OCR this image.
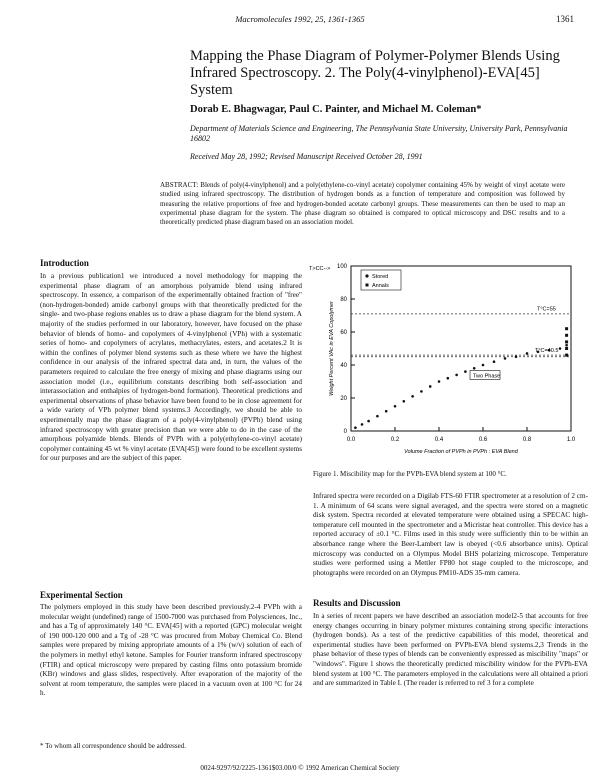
Macromolecules 1992, 25, 1361-1365	1361
Mapping the Phase Diagram of Polymer-Polymer Blends Using Infrared Spectroscopy. 2. The Poly(4-vinylphenol)-EVA[45] System
Dorab E. Bhagwagar, Paul C. Painter, and Michael M. Coleman*
Department of Materials Science and Engineering, The Pennsylvania State University, University Park, Pennsylvania 16802
Received May 28, 1992; Revised Manuscript Received October 28, 1991
ABSTRACT: Blends of poly(4-vinylphenol) and a poly(ethylene-co-vinyl acetate) copolymer containing 45% by weight of vinyl acetate were studied using infrared spectroscopy. The distribution of hydrogen bonds as a function of temperature and composition was followed by measuring the relative proportions of free and hydrogen-bonded acetate carbonyl groups. These measurements can then be used to map an experimental phase diagram for the system. The phase diagram so obtained is compared to optical microscopy and DSC results and to a theoretically predicted phase diagram based on an association model.
Introduction
In a previous publication1 we introduced a novel methodology for mapping the experimental phase diagram of an amorphous polyamide blend using infrared spectroscopy. In essence, a comparison of the experimentally obtained fraction of "free" (non-hydrogen-bonded) amide carbonyl groups with that theoretically predicted for the single- and two-phase regions enables us to draw a phase diagram for the blend system. A majority of the studies performed in our laboratory, however, have focused on the phase behavior of blends of homo- and copolymers of 4-vinylphenol (VPh) with a systematic series of homo- and copolymers of acrylates, methacrylates, esters, and acetates.2 It is within the confines of polymer blend systems such as these where we have the highest confidence in our analysis of the infrared spectral data and, in turn, the values of the parameters required to calculate the free energy of mixing and phase diagrams using our association model (i.e., equilibrium constants describing both self-association and interassociation and enthalpies of hydrogen-bond formation). Theoretical predictions and experimental observations of phase behavior have been found to be in close agreement for a wide variety of VPh polymer blend systems.3 Accordingly, we should be able to experimentally map the phase diagram of a poly(4-vinylphenol) (PVPh) blend using infrared spectroscopy with greater precision than we were able to do in the case of the amorphous polyamide blends. Blends of PVPh with a poly(ethylene-co-vinyl acetate) copolymer containing 45 wt % vinyl acetate (EVA[45]) were found to be excellent systems for our purposes and are the subject of this paper.
Experimental Section
The polymers employed in this study have been described previously.2-4 PVPh with a molecular weight (undefined) range of 1500-7000 was purchased from Polysciences, Inc., and has a Tg of approximately 140 °C. EVA[45] with a reported (GPC) molecular weight of 190 000-120 000 and a Tg of -28 °C was procured from Mobay Chemical Co. Blend samples were prepared by mixing appropriate amounts of a 1% (w/v) solution of each of the polymers in methyl ethyl ketone. Samples for Fourier transform infrared spectroscopy (FTIR) and optical microscopy were prepared by casting films onto potassium bromide (KBr) windows and glass slides, respectively. After evaporation of the majority of the solvent at room temperature, the samples were placed in a vacuum oven at 100 °C for 24 h.
* To whom all correspondence should be addressed.
0.0	0.2	0.4	0.6	0.8	1.0
0
20
40
60
80
100
Volume Fraction of PVPh in PVPh : EVA Blend
Weight Percent VAc in EVA Copolymer
Stored
Annals
T>CC-->
T°C=55
T°C=40.5
Two Phase
Figure 1. Miscibility map for the PVPh-EVA blend system at 100 °C.
Infrared spectra were recorded on a Digilab FTS-60 FTIR spectrometer at a resolution of 2 cm-1. A minimum of 64 scans were signal averaged, and the spectra were stored on a magnetic disk system. Spectra recorded at elevated temperature were obtained using a SPECAC high-temperature cell mounted in the spectrometer and a Micristar heat controller. This device has a reported accuracy of ±0.1 °C. Films used in this study were sufficiently thin to be within an absorbance range where the Beer-Lambert law is obeyed (<0.6 absorbance units). Optical microscopy was conducted on a Olympus Model BHS polarizing microscope. Temperature studies were performed using a Mettler FP80 hot stage coupled to the microscope, and photographs were recorded on an Olympus PM10-ADS 35-mm camera.
Results and Discussion
In a series of recent papers we have described an association model2-5 that accounts for free energy changes occurring in binary polymer mixtures containing strong specific interactions (hydrogen bonds). As a test of the predictive capabilities of this model, theoretical and experimental studies have been performed on PVPh-EVA blend systems.2,3 Trends in the phase behavior of these types of blends can be conveniently expressed as miscibility "maps" or "windows". Figure 1 shows the theoretically predicted miscibility window for the PVPh-EVA blend system at 100 °C. The parameters employed in the calculations were all obtained a priori and are summarized in Table I. (The reader is referred to ref 3 for a complete
0024-9297/92/2225-1361$03.00/0 © 1992 American Chemical Society
